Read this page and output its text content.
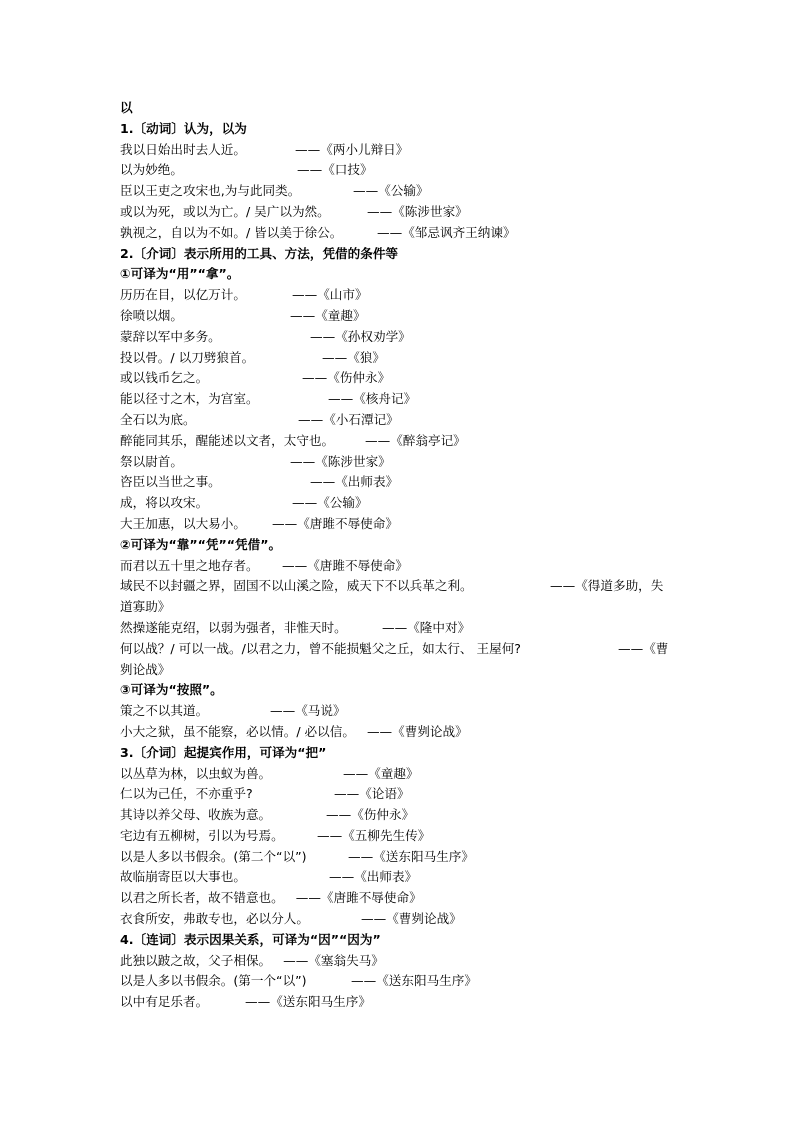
以
1.〔动词〕认为，以为
我以日始出时去人近。	——《两小儿辩日》
以为妙绝。	——《口技》
臣以王吏之攻宋也,为与此同类。	——《公输》
或以为死，或以为亡。/ 吴广以为然。	——《陈涉世家》
孰视之，自以为不如。/ 皆以美于徐公。	——《邹忌讽齐王纳谏》
2.〔介词〕表示所用的工具、方法，凭借的条件等
①可译为“用”“拿”。
历历在目，以亿万计。	——《山市》
徐喷以烟。	——《童趣》
蒙辞以军中多务。	——《孙权劝学》
投以骨。/ 以刀劈狼首。	——《狼》
或以钱币乞之。	——《伤仲永》
能以径寸之木，为宫室。	——《核舟记》
全石以为底。	——《小石潭记》
醉能同其乐，醒能述以文者，太守也。	——《醉翁亭记》
祭以尉首。	——《陈涉世家》
咨臣以当世之事。	——《出师表》
成，将以攻宋。	——《公输》
大王加惠，以大易小。	——《唐雎不辱使命》
②可译为“靠”“凭”“凭借”。
而君以五十里之地存者。	——《唐雎不辱使命》
域民不以封疆之界，固国不以山溪之险，威天下不以兵革之利。	——《得道多助，失
道寡助》
然操遂能克绍，以弱为强者，非惟天时。	——《隆中对》
何以战？/ 可以一战。/以君之力，曾不能损魁父之丘，如太行、 王屋何?	——《曹
刿论战》
③可译为“按照”。
策之不以其道。	——《马说》
小大之狱，虽不能察，必以情。/ 必以信。 ——《曹刿论战》
3.〔介词〕起提宾作用，可译为“把”
以丛草为林，以虫蚁为兽。	——《童趣》
仁以为己任，不亦重乎?	——《论语》
其诗以养父母、收族为意。	——《伤仲永》
宅边有五柳树，引以为号焉。	——《五柳先生传》
以是人多以书假余。(第二个“以”)	——《送东阳马生序》
故临崩寄臣以大事也。	——《出师表》
以君之所长者，故不错意也。 ——《唐雎不辱使命》
衣食所安，弗敢专也，必以分人。	——《曹刿论战》
4.〔连词〕表示因果关系，可译为“因”“因为”
此独以跛之故，父子相保。 ——《塞翁失马》
以是人多以书假余。(第一个“以”)	——《送东阳马生序》
以中有足乐者。	——《送东阳马生序》
